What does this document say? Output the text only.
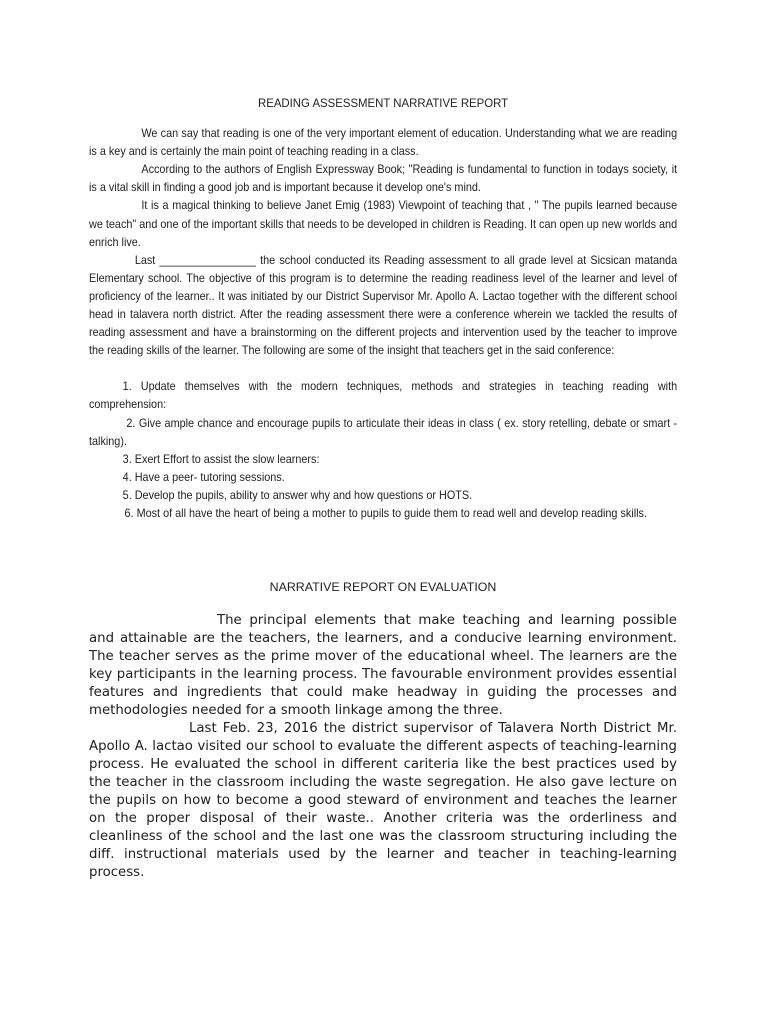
READING ASSESSMENT NARRATIVE REPORT

We can say that reading is one of the very important element of education. Understanding what we are reading is a key and is certainly the main point of teaching reading in a class.

According to the authors of English Expressway Book; "Reading is fundamental to function in todays society, it is a vital skill in finding a good job and is important because it develop one's mind.

It is a magical thinking to believe Janet Emig (1983) Viewpoint of teaching that , " The pupils learned because we teach" and one of the important skills that needs to be developed in children is Reading. It can open up new worlds and enrich live.

Last ________________ the school conducted its Reading assessment to all grade level at Sicsican matanda Elementary school. The objective of this program is to determine the reading readiness level of the learner and level of proficiency of the learner.. It was initiated by our District Supervisor Mr. Apollo A. Lactao together with the different school head in talavera north district. After the reading assessment there were a conference wherein we tackled the results of reading assessment and have a brainstorming on the different projects and intervention used by the teacher to improve the reading skills of the learner. The following are some of the insight that teachers get in the said conference:

1. Update themselves with the modern techniques, methods and strategies in teaching reading with comprehension:
2. Give ample chance and encourage pupils to articulate their ideas in class ( ex. story retelling, debate or smart - talking).
3. Exert Effort to assist the slow learners:
4. Have a peer- tutoring sessions.
5. Develop the pupils, ability to answer why and how questions or HOTS.
6. Most of all have the heart of being a mother to pupils to guide them to read well and develop reading skills.
NARRATIVE REPORT ON EVALUATION

The principal elements that make teaching and learning possible and attainable are the teachers, the learners, and a conducive learning environment. The teacher serves as the prime mover of the educational wheel. The learners are the key participants in the learning process. The favourable environment provides essential features and ingredients that could make headway in guiding the processes and methodologies needed for a smooth linkage among the three.

Last Feb. 23, 2016 the district supervisor of Talavera North District Mr. Apollo A. lactao visited our school to evaluate the different aspects of teaching-learning process. He evaluated the school in different cariteria like the best practices used by the teacher in the classroom including the waste segregation. He also gave lecture on the pupils on how to become a good steward of environment and teaches the learner on the proper disposal of their waste.. Another criteria was the orderliness and cleanliness of the school and the last one was the classroom structuring including the diff. instructional materials used by the learner and teacher in teaching-learning process.
